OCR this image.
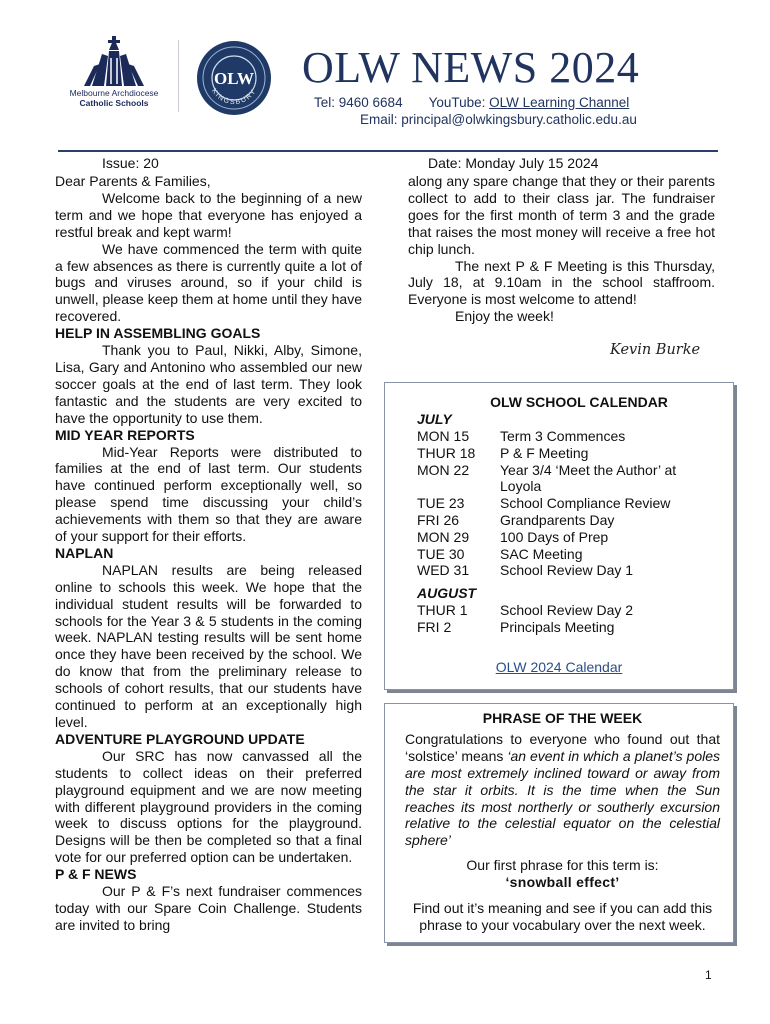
Melbourne Archdiocese
Catholic Schools
OLW
KINGSBURY
OLW NEWS 2024
Tel: 9460 6684 YouTube: OLW Learning Channel
Email: principal@olwkingsbury.catholic.edu.au
Issue: 20	Date: Monday July 15 2024

Dear Parents & Families,

Welcome back to the beginning of a new term and we hope that everyone has enjoyed a restful break and kept warm!

We have commenced the term with quite a few absences as there is currently quite a lot of bugs and viruses around, so if your child is unwell, please keep them at home until they have recovered.

HELP IN ASSEMBLING GOALS

Thank you to Paul, Nikki, Alby, Simone, Lisa, Gary and Antonino who assembled our new soccer goals at the end of last term. They look fantastic and the students are very excited to have the opportunity to use them.

MID YEAR REPORTS

Mid-Year Reports were distributed to families at the end of last term. Our students have continued perform exceptionally well, so please spend time discussing your child’s achievements with them so that they are aware of your support for their efforts.

NAPLAN

NAPLAN results are being released online to schools this week. We hope that the individual student results will be forwarded to schools for the Year 3 & 5 students in the coming week. NAPLAN testing results will be sent home once they have been received by the school. We do know that from the preliminary release to schools of cohort results, that our students have continued to perform at an exceptionally high level.

ADVENTURE PLAYGROUND UPDATE

Our SRC has now canvassed all the students to collect ideas on their preferred playground equipment and we are now meeting with different playground providers in the coming week to discuss options for the playground. Designs will be then be completed so that a final vote for our preferred option can be undertaken.

P & F NEWS

Our P & F’s next fundraiser commences today with our Spare Coin Challenge. Students are invited to bring

along any spare change that they or their parents collect to add to their class jar. The fundraiser goes for the first month of term 3 and the grade that raises the most money will receive a free hot chip lunch.

The next P & F Meeting is this Thursday, July 18, at 9.10am in the school staffroom. Everyone is most welcome to attend!

Enjoy the week!

Kevin Burke
OLW SCHOOL CALENDAR
JULY
MON 15	Term 3 Commences
THUR 18	P & F Meeting
MON 22	Year 3/4 ‘Meet the Author’ at Loyola
TUE 23	School Compliance Review
FRI 26	Grandparents Day
MON 29	100 Days of Prep
TUE 30	SAC Meeting
WED 31	School Review Day 1
AUGUST
THUR 1	School Review Day 2
FRI 2	Principals Meeting
OLW 2024 Calendar
PHRASE OF THE WEEK
Congratulations to everyone who found out that ‘solstice’ means ‘an event in which a planet’s poles are most extremely inclined toward or away from the star it orbits. It is the time when the Sun reaches its most northerly or southerly excursion relative to the celestial equator on the celestial sphere’
Our first phrase for this term is:
‘snowball effect’
Find out it’s meaning and see if you can add this phrase to your vocabulary over the next week.
1
